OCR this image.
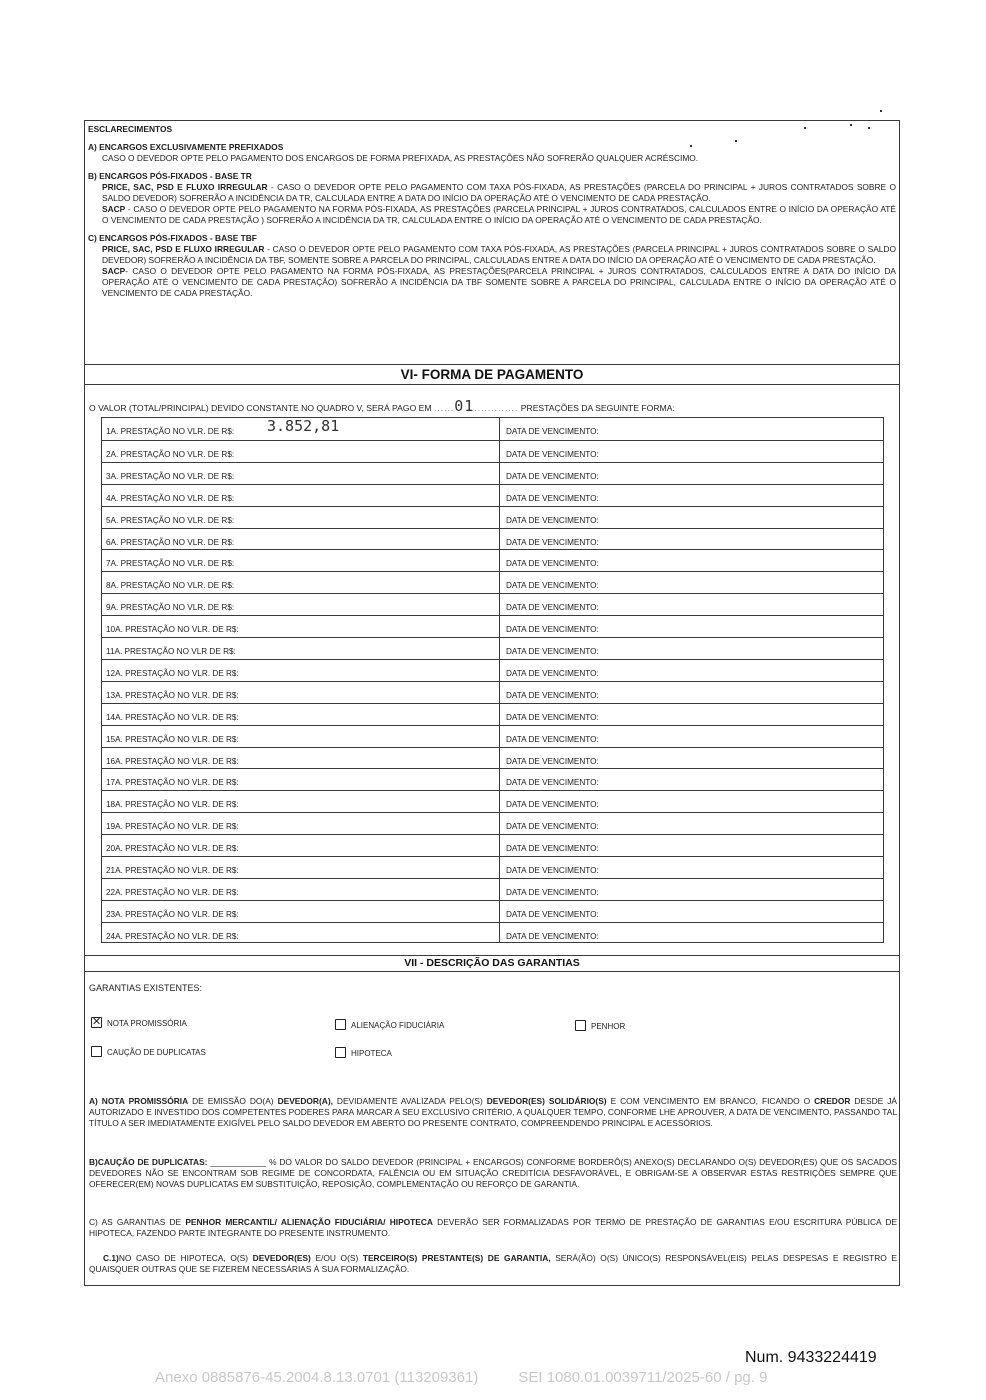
ESCLARECIMENTOS
A) ENCARGOS EXCLUSIVAMENTE PREFIXADOS
CASO O DEVEDOR OPTE PELO PAGAMENTO DOS ENCARGOS DE FORMA PREFIXADA, AS PRESTAÇÕES NÃO SOFRERÃO QUALQUER ACRÉSCIMO.
B) ENCARGOS PÓS-FIXADOS - BASE TR
PRICE, SAC, PSD E FLUXO IRREGULAR - CASO O DEVEDOR OPTE PELO PAGAMENTO COM TAXA PÓS-FIXADA, AS PRESTAÇÕES (PARCELA DO PRINCIPAL + JUROS CONTRATADOS SOBRE O SALDO DEVEDOR) SOFRERÃO A INCIDÊNCIA DA TR, CALCULADA ENTRE A DATA DO INÍCIO DA OPERAÇÃO ATÉ O VENCIMENTO DE CADA PRESTAÇÃO.
SACP - CASO O DEVEDOR OPTE PELO PAGAMENTO NA FORMA PÓS-FIXADA, AS PRESTAÇÕES (PARCELA PRINCIPAL + JUROS CONTRATADOS, CALCULADOS ENTRE O INÍCIO DA OPERAÇÃO ATÉ O VENCIMENTO DE CADA PRESTAÇÃO ) SOFRERÃO A INCIDÊNCIA DA TR, CALCULADA ENTRE O INÍCIO DA OPERAÇÃO ATÉ O VENCIMENTO DE CADA PRESTAÇÃO.
C) ENCARGOS PÓS-FIXADOS - BASE TBF
PRICE, SAC, PSD E FLUXO IRREGULAR - CASO O DEVEDOR OPTE PELO PAGAMENTO COM TAXA PÓS-FIXADA, AS PRESTAÇÕES (PARCELA PRINCIPAL + JUROS CONTRATADOS SOBRE O SALDO DEVEDOR) SOFRERÃO A INCIDÊNCIA DA TBF, SOMENTE SOBRE A PARCELA DO PRINCIPAL, CALCULADAS ENTRE A DATA DO INÍCIO DA OPERAÇÃO ATÉ O VENCIMENTO DE CADA PRESTAÇÃO.
SACP- CASO O DEVEDOR OPTE PELO PAGAMENTO NA FORMA PÓS-FIXADA, AS PRESTAÇÕES(PARCELA PRINCIPAL + JUROS CONTRATADOS, CALCULADOS ENTRE A DATA DO INÍCIO DA OPERAÇÃO ATÉ O VENCIMENTO DE CADA PRESTAÇÃO) SOFRERÃO A INCIDÊNCIA DA TBF SOMENTE SOBRE A PARCELA DO PRINCIPAL, CALCULADA ENTRE O INÍCIO DA OPERAÇÃO ATÉ O VENCIMENTO DE CADA PRESTAÇÃO.
VI- FORMA DE PAGAMENTO
O VALOR (TOTAL/PRINCIPAL) DEVIDO CONSTANTE NO QUADRO V, SERÁ PAGO EM ......01............. PRESTAÇÕES DA SEGUINTE FORMA:
1A. PRESTAÇÃO NO VLR. DE R$: 3.852,81	DATA DE VENCIMENTO:
2A. PRESTAÇÃO NO VLR. DE R$:	DATA DE VENCIMENTO:
3A. PRESTAÇÃO NO VLR. DE R$:	DATA DE VENCIMENTO:
4A. PRESTAÇÃO NO VLR. DE R$:	DATA DE VENCIMENTO:
5A. PRESTAÇÃO NO VLR. DE R$:	DATA DE VENCIMENTO:
6A. PRESTAÇÃO NO VLR. DE R$:	DATA DE VENCIMENTO:
7A. PRESTAÇÃO NO VLR. DE R$:	DATA DE VENCIMENTO:
8A. PRESTAÇÃO NO VLR. DE R$:	DATA DE VENCIMENTO:
9A. PRESTAÇÃO NO VLR. DE R$:	DATA DE VENCIMENTO:
10A. PRESTAÇÃO NO VLR. DE R$:	DATA DE VENCIMENTO:
11A. PRESTAÇÃO NO VLR DE R$:	DATA DE VENCIMENTO:
12A. PRESTAÇÃO NO VLR. DE R$:	DATA DE VENCIMENTO:
13A. PRESTAÇÃO NO VLR. DE R$:	DATA DE VENCIMENTO:
14A. PRESTAÇÃO NO VLR. DE R$:	DATA DE VENCIMENTO:
15A. PRESTAÇÃO NO VLR. DE R$:	DATA DE VENCIMENTO:
16A. PRESTAÇÃO NO VLR. DE R$:	DATA DE VENCIMENTO:
17A. PRESTAÇÃO NO VLR. DE R$:	DATA DE VENCIMENTO:
18A. PRESTAÇÃO NO VLR. DE R$:	DATA DE VENCIMENTO:
19A. PRESTAÇÃO NO VLR. DE R$:	DATA DE VENCIMENTO:
20A. PRESTAÇÃO NO VLR. DE R$:	DATA DE VENCIMENTO:
21A. PRESTAÇÃO NO VLR. DE R$:	DATA DE VENCIMENTO:
22A. PRESTAÇÃO NO VLR. DE R$:	DATA DE VENCIMENTO:
23A. PRESTAÇÃO NO VLR. DE R$:	DATA DE VENCIMENTO:
24A. PRESTAÇÃO NO VLR. DE R$:	DATA DE VENCIMENTO:
VII - DESCRIÇÃO DAS GARANTIAS
GARANTIAS EXISTENTES:
✕NOTA PROMISSÓRIA	ALIENAÇÃO FIDUCIÁRIA	PENHOR
CAUÇÃO DE DUPLICATAS	HIPOTECA
A) NOTA PROMISSÓRIA DE EMISSÃO DO(A) DEVEDOR(A), DEVIDAMENTE AVALIZADA PELO(S) DEVEDOR(ES) SOLIDÁRIO(S) E COM VENCIMENTO EM BRANCO, FICANDO O CREDOR DESDE JÁ AUTORIZADO E INVESTIDO DOS COMPETENTES PODERES PARA MARCAR A SEU EXCLUSIVO CRITÉRIO, A QUALQUER TEMPO, CONFORME LHE APROUVER, A DATA DE VENCIMENTO, PASSANDO TAL TÍTULO A SER IMEDIATAMENTE EXIGÍVEL PELO SALDO DEVEDOR EM ABERTO DO PRESENTE CONTRATO, COMPREENDENDO PRINCIPAL E ACESSÓRIOS.
B)CAUÇÃO DE DUPLICATAS: ____________ % DO VALOR DO SALDO DEVEDOR (PRINCIPAL + ENCARGOS) CONFORME BORDERÔ(S) ANEXO(S) DECLARANDO O(S) DEVEDOR(ES) QUE OS SACADOS DEVEDORES NÃO SE ENCONTRAM SOB REGIME DE CONCORDATA, FALÊNCIA OU EM SITUAÇÃO CREDITÍCIA DESFAVORÁVEL, E OBRIGAM-SE A OBSERVAR ESTAS RESTRIÇÕES SEMPRE QUE OFERECER(EM) NOVAS DUPLICATAS EM SUBSTITUIÇÃO, REPOSIÇÃO, COMPLEMENTAÇÃO OU REFORÇO DE GARANTIA.
C) AS GARANTIAS DE PENHOR MERCANTIL/ ALIENAÇÃO FIDUCIÁRIA/ HIPOTECA DEVERÃO SER FORMALIZADAS POR TERMO DE PRESTAÇÃO DE GARANTIAS E/OU ESCRITURA PÚBLICA DE HIPOTECA, FAZENDO PARTE INTEGRANTE DO PRESENTE INSTRUMENTO.
C.1)NO CASO DE HIPOTECA, O(S) DEVEDOR(ES) E/OU O(S) TERCEIRO(S) PRESTANTE(S) DE GARANTIA, SERÁ(ÃO) O(S) ÚNICO(S) RESPONSÁVEL(EIS) PELAS DESPESAS E REGISTRO E QUAISQUER OUTRAS QUE SE FIZEREM NECESSÁRIAS À SUA FORMALIZAÇÃO.
Num. 9433224419
Anexo 0885876-45.2004.8.13.0701 (113209361)	SEI 1080.01.0039711/2025-60 / pg. 9
